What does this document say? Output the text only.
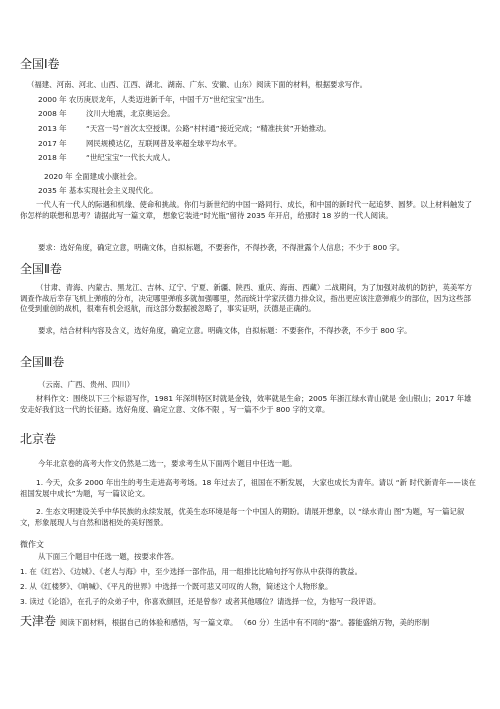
全国Ⅰ卷
（福建、河南、河北、山西、江西、湖北、湖南、广东、安徽、山东）阅读下面的材料，根据要求写作。
2000 年 农历庚辰龙年，人类迈进新千年，中国千万“世纪宝宝”出生。
2008 年	汶川大地震，北京奥运会。
2013 年	“天宫一号”首次太空授课。公路“村村通”接近完成；“精准扶贫”开始推动。
2017 年	网民规模达亿，互联网普及率超全球平均水平。
2018 年	“世纪宝宝”一代长大成人。
2020 年 全面建成小康社会。
2035 年 基本实现社会主义现代化。
一代人有一代人的际遇和机缘、使命和挑战。你们与新世纪的中国一路同行、成长，和中国的新时代一起追梦、圆梦。以上材料触发了你怎样的联想和思考？请据此写一篇文章， 想象它装进“时光瓶”留待 2035 年开启，给那时 18 岁的一代人阅读。
要求：选好角度，确定立意，明确文体，自拟标题，不要套作，不得抄袭，不得泄露个人信息；不少于 800 字。
全国Ⅱ卷
（甘肃、青海、内蒙古、黑龙江、吉林、辽宁、宁夏、新疆、陕西、重庆、海南、西藏）二战期间，为了加强对战机的防护，英美军方调查作战后幸存飞机上弹痕的分布，决定哪里弹痕多就加强哪里，然而统计学家沃德力排众议，指出更应该注意弹痕少的部位，因为这些部位受到重创的战机，很难有机会返航，而这部分数据被忽略了，事实证明，沃德是正确的。
要求，结合材料内容及含义，选好角度，确定立意。明确文体，自拟标题：不要套作，不得抄袭，不少于 800 字。
全国Ⅲ卷
（云南、广西、贵州、四川）
材料作文：围绕以下三个标语写作，1981 年深圳特区时就是金钱，效率就是生命；2005 年浙江绿水青山就是 金山银山；2017 年雄安走好我们这一代的长征路。选好角度、确定立意、文体不限 ，写一篇不少于 800 字的文章。
北京卷
今年北京卷的高考大作文仍然是二选一，要求考生从下面两个题目中任选一题。
1. 今天，众多 2000 年出生的考生走进高考考场。18 年过去了，祖国在不断发展， 大家也成长为青年。请以 “新 时代新青年——谈在祖国发展中成长”为题，写一篇议论文。
2. 生态文明建设关乎中华民族的永续发展，优美生态环境是每一个中国人的期盼。请展开想象，以 “绿水青山 图”为题，写一篇记叙文，形象展现人与自然和谐相处的美好图景。
微作文
从下面三个题目中任选一题，按要求作答。
1. 在《红岩》、《边城》、《老人与海》中，至少选择一部作品，用一组排比比喻句抒写你从中获得的教益。
2. 从《红楼梦》、《呐喊》、《平凡的世界》中选择一个既可悲又可叹的人物，简述这个人物形象。
3. 读过《论语》，在孔子的众弟子中，你喜欢颜回，还是曾参？或者其他哪位？请选择一位，为他写一段评语。
天津卷 阅读下面材料，根据自己的体验和感悟，写一篇文章。 （60 分）生活中有不同的“器”。器能盛纳万物，美的形制
